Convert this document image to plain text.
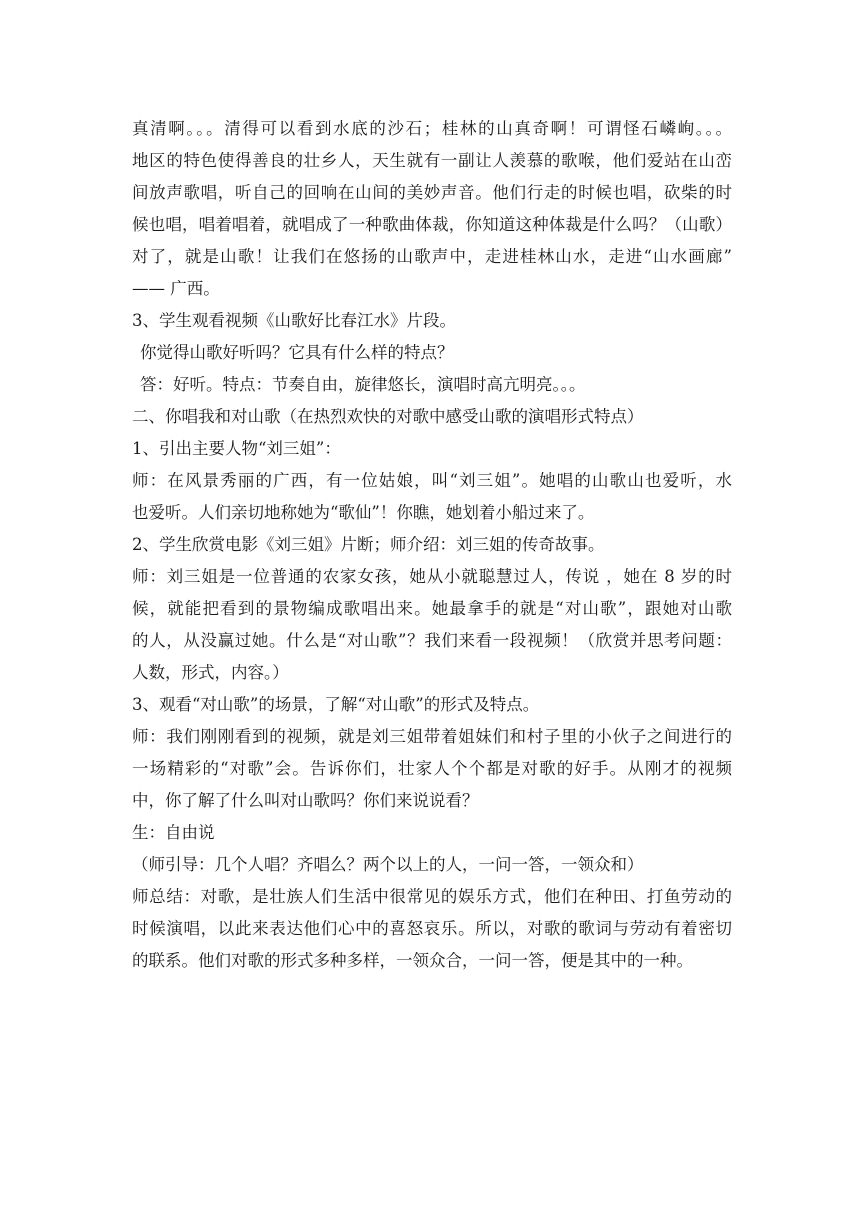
真清啊。。。清得可以看到水底的沙石；桂林的山真奇啊！可谓怪石嶙峋。。。
地区的特色使得善良的壮乡人，天生就有一副让人羡慕的歌喉，他们爱站在山峦
间放声歌唱，听自己的回响在山间的美妙声音。他们行走的时候也唱，砍柴的时
候也唱，唱着唱着，就唱成了一种歌曲体裁，你知道这种体裁是什么吗？（山歌）
对了，就是山歌！让我们在悠扬的山歌声中，走进桂林山水，走进“山水画廊”
—— 广西。
3、学生观看视频《山歌好比春江水》片段。
你觉得山歌好听吗？它具有什么样的特点？
答：好听。特点：节奏自由，旋律悠长，演唱时高亢明亮。。。
二、你唱我和对山歌（在热烈欢快的对歌中感受山歌的演唱形式特点）
1、引出主要人物“刘三姐”：
师：在风景秀丽的广西，有一位姑娘，叫“刘三姐”。她唱的山歌山也爱听，水
也爱听。人们亲切地称她为“歌仙”！你瞧，她划着小船过来了。
2、学生欣赏电影《刘三姐》片断；师介绍：刘三姐的传奇故事。
师：刘三姐是一位普通的农家女孩，她从小就聪慧过人，传说 ，她在 8 岁的时
候，就能把看到的景物编成歌唱出来。她最拿手的就是“对山歌”，跟她对山歌
的人，从没赢过她。什么是“对山歌”？我们来看一段视频！（欣赏并思考问题：
人数，形式，内容。）
3、观看“对山歌”的场景，了解“对山歌”的形式及特点。
师：我们刚刚看到的视频，就是刘三姐带着姐妹们和村子里的小伙子之间进行的
一场精彩的“对歌”会。告诉你们，壮家人个个都是对歌的好手。从刚才的视频
中，你了解了什么叫对山歌吗？你们来说说看？
生：自由说
（师引导：几个人唱？齐唱么？两个以上的人，一问一答，一领众和）
师总结：对歌，是壮族人们生活中很常见的娱乐方式，他们在种田、打鱼劳动的
时候演唱，以此来表达他们心中的喜怒哀乐。所以，对歌的歌词与劳动有着密切
的联系。他们对歌的形式多种多样，一领众合，一问一答，便是其中的一种。
